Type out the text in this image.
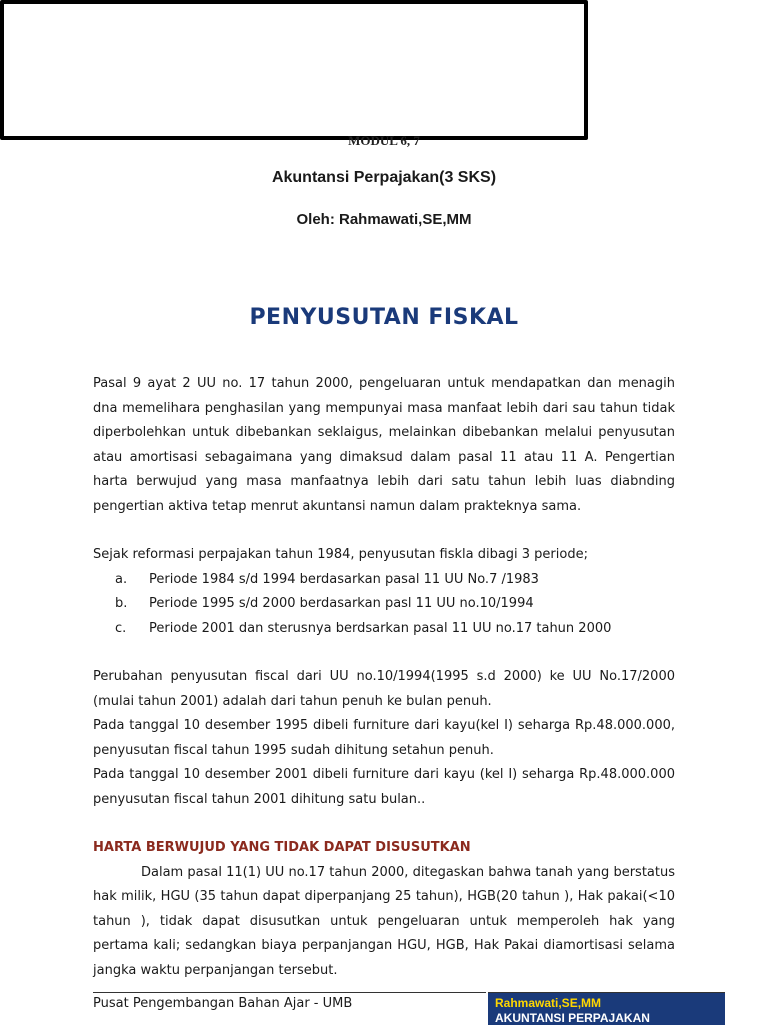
MODUL 6, 7
Akuntansi Perpajakan(3 SKS)
Oleh: Rahmawati,SE,MM
PENYUSUTAN FISKAL

Pasal 9 ayat 2 UU no. 17 tahun 2000, pengeluaran untuk mendapatkan dan menagih dna memelihara penghasilan yang mempunyai masa manfaat lebih dari sau tahun tidak diperbolehkan untuk dibebankan seklaigus, melainkan dibebankan melalui penyusutan atau amortisasi sebagaimana yang dimaksud dalam pasal 11 atau 11 A. Pengertian harta berwujud yang masa manfaatnya lebih dari satu tahun lebih luas diabnding pengertian aktiva tetap menrut akuntansi namun dalam prakteknya sama.

Sejak reformasi perpajakan tahun 1984, penyusutan fiskla dibagi 3 periode;

a.	Periode 1984 s/d 1994 berdasarkan pasal 11 UU No.7 /1983
b.	Periode 1995 s/d 2000 berdasarkan pasl 11 UU no.10/1994
c.	Periode 2001 dan sterusnya berdsarkan pasal 11 UU no.17 tahun 2000

Perubahan penyusutan fiscal dari UU no.10/1994(1995 s.d 2000) ke UU No.17/2000 (mulai tahun 2001) adalah dari tahun penuh ke bulan penuh.

Pada tanggal 10 desember 1995 dibeli furniture dari kayu(kel I) seharga Rp.48.000.000, penyusutan fiscal tahun 1995 sudah dihitung setahun penuh.

Pada tanggal 10 desember 2001 dibeli furniture dari kayu (kel I) seharga Rp.48.000.000 penyusutan fiscal tahun 2001 dihitung satu bulan..

HARTA BERWUJUD YANG TIDAK DAPAT DISUSUTKAN

Dalam pasal 11(1) UU no.17 tahun 2000, ditegaskan bahwa tanah yang berstatus hak milik, HGU (35 tahun dapat diperpanjang 25 tahun), HGB(20 tahun ), Hak pakai(<10 tahun ), tidak dapat disusutkan untuk pengeluaran untuk memperoleh hak yang pertama kali; sedangkan biaya perpanjangan HGU, HGB, Hak Pakai diamortisasi selama jangka waktu perpanjangan tersebut.

Pusat Pengembangan Bahan Ajar - UMB	Rahmawati,SE,MM
AKUNTANSI PERPAJAKAN
